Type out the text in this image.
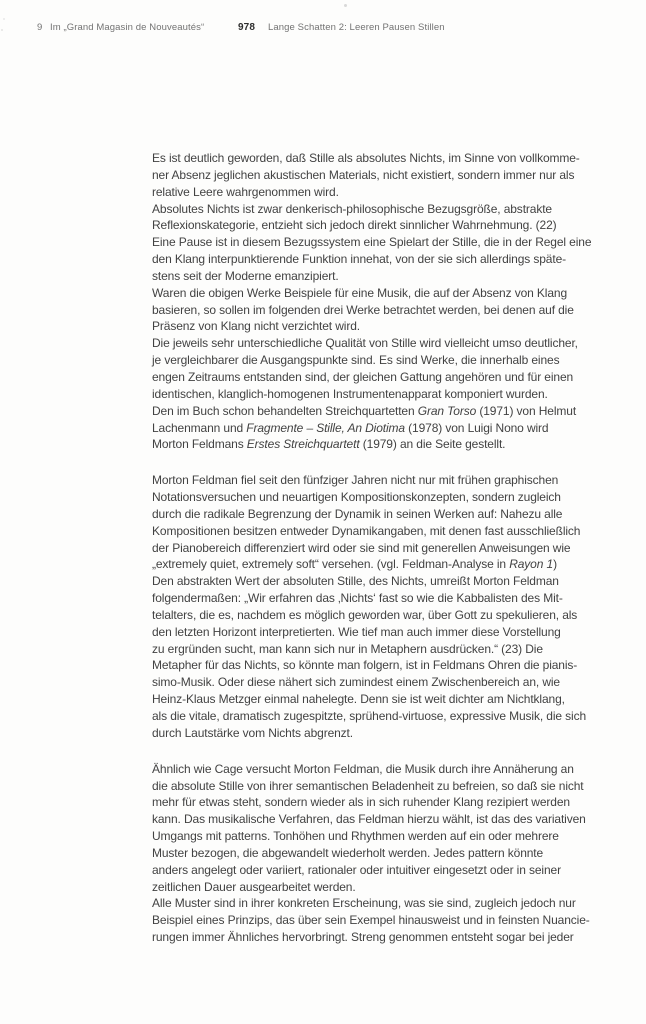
9 Im „Grand Magasin de Nouveautés“	978 Lange Schatten 2: Leeren Pausen Stillen

Es ist deutlich geworden, daß Stille als absolutes Nichts, im Sinne von vollkomme-
ner Absenz jeglichen akustischen Materials, nicht existiert, sondern immer nur als
relative Leere wahrgenommen wird.
Absolutes Nichts ist zwar denkerisch-philosophische Bezugsgröße, abstrakte
Reflexionskategorie, entzieht sich jedoch direkt sinnlicher Wahrnehmung. (22)
Eine Pause ist in diesem Bezugssystem eine Spielart der Stille, die in der Regel eine
den Klang interpunktierende Funktion innehat, von der sie sich allerdings späte-
stens seit der Moderne emanzipiert.
Waren die obigen Werke Beispiele für eine Musik, die auf der Absenz von Klang
basieren, so sollen im folgenden drei Werke betrachtet werden, bei denen auf die
Präsenz von Klang nicht verzichtet wird.
Die jeweils sehr unterschiedliche Qualität von Stille wird vielleicht umso deutlicher,
je vergleichbarer die Ausgangspunkte sind. Es sind Werke, die innerhalb eines
engen Zeitraums entstanden sind, der gleichen Gattung angehören und für einen
identischen, klanglich-homogenen Instrumentenapparat komponiert wurden.
Den im Buch schon behandelten Streichquartetten Gran Torso (1971) von Helmut
Lachenmann und Fragmente – Stille, An Diotima (1978) von Luigi Nono wird
Morton Feldmans Erstes Streichquartett (1979) an die Seite gestellt.

Morton Feldman fiel seit den fünfziger Jahren nicht nur mit frühen graphischen
Notationsversuchen und neuartigen Kompositionskonzepten, sondern zugleich
durch die radikale Begrenzung der Dynamik in seinen Werken auf: Nahezu alle
Kompositionen besitzen entweder Dynamikangaben, mit denen fast ausschließlich
der Pianobereich differenziert wird oder sie sind mit generellen Anweisungen wie
„extremely quiet, extremely soft“ versehen. (vgl. Feldman-Analyse in Rayon 1)
Den abstrakten Wert der absoluten Stille, des Nichts, umreißt Morton Feldman
folgendermaßen: „Wir erfahren das ‚Nichts‘ fast so wie die Kabbalisten des Mit-
telalters, die es, nachdem es möglich geworden war, über Gott zu spekulieren, als
den letzten Horizont interpretierten. Wie tief man auch immer diese Vorstellung
zu ergründen sucht, man kann sich nur in Metaphern ausdrücken.“ (23) Die
Metapher für das Nichts, so könnte man folgern, ist in Feldmans Ohren die pianis-
simo-Musik. Oder diese nähert sich zumindest einem Zwischenbereich an, wie
Heinz-Klaus Metzger einmal nahelegte. Denn sie ist weit dichter am Nichtklang,
als die vitale, dramatisch zugespitzte, sprühend-virtuose, expressive Musik, die sich
durch Lautstärke vom Nichts abgrenzt.

Ähnlich wie Cage versucht Morton Feldman, die Musik durch ihre Annäherung an
die absolute Stille von ihrer semantischen Beladenheit zu befreien, so daß sie nicht
mehr für etwas steht, sondern wieder als in sich ruhender Klang rezipiert werden
kann. Das musikalische Verfahren, das Feldman hierzu wählt, ist das des variativen
Umgangs mit patterns. Tonhöhen und Rhythmen werden auf ein oder mehrere
Muster bezogen, die abgewandelt wiederholt werden. Jedes pattern könnte
anders angelegt oder variiert, rationaler oder intuitiver eingesetzt oder in seiner
zeitlichen Dauer ausgearbeitet werden.
Alle Muster sind in ihrer konkreten Erscheinung, was sie sind, zugleich jedoch nur
Beispiel eines Prinzips, das über sein Exempel hinausweist und in feinsten Nuancie-
rungen immer Ähnliches hervorbringt. Streng genommen entsteht sogar bei jeder
